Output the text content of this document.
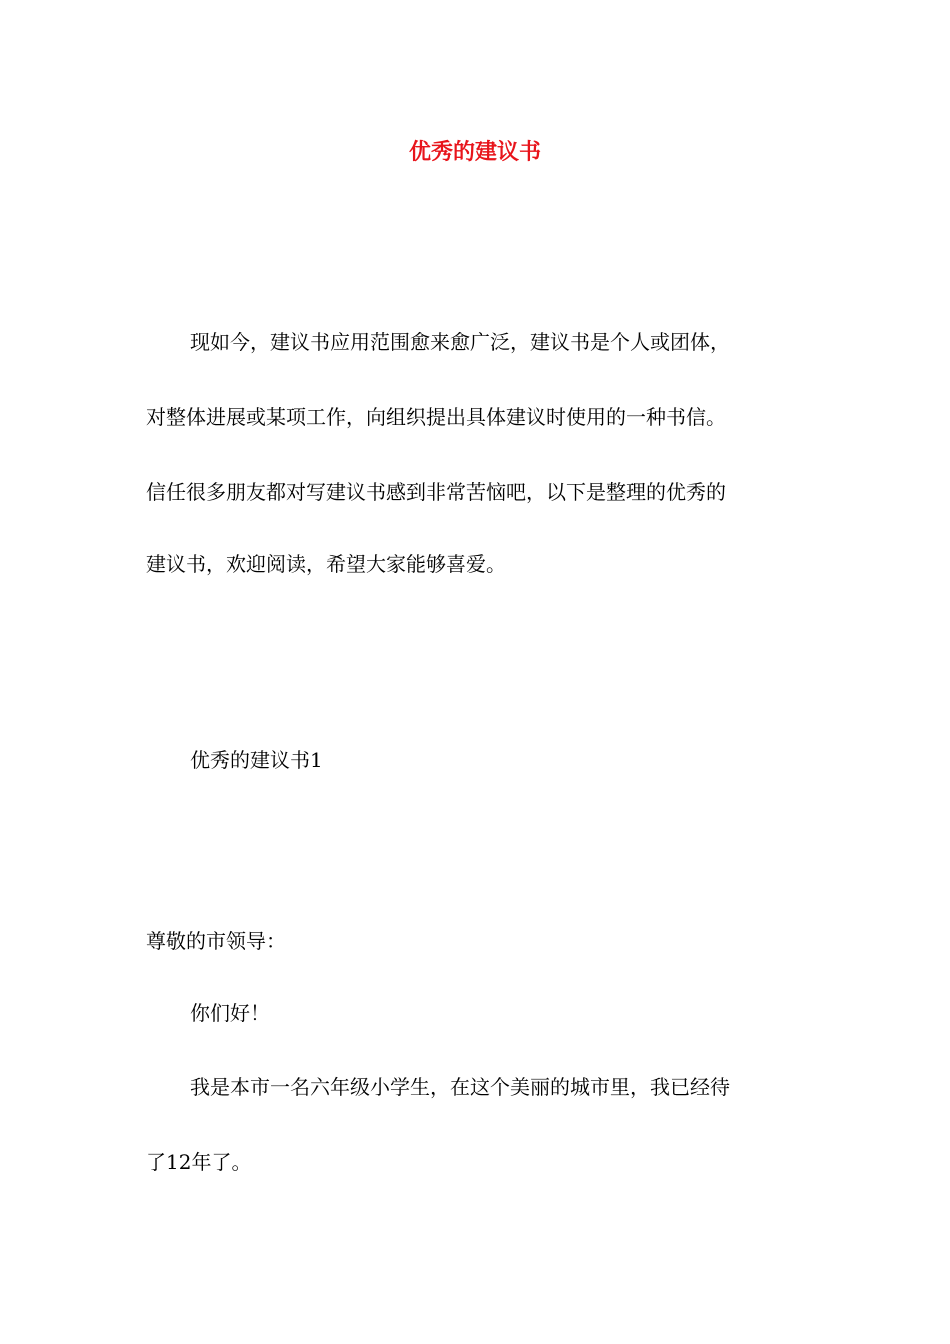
优秀的建议书

现如今，建议书应用范围愈来愈广泛，建议书是个人或团体，

对整体进展或某项工作，向组织提出具体建议时使用的一种书信。

信任很多朋友都对写建议书感到非常苦恼吧，以下是整理的优秀的

建议书，欢迎阅读，希望大家能够喜爱。

优秀的建议书1

尊敬的市领导：

你们好！

我是本市一名六年级小学生，在这个美丽的城市里，我已经待

了12年了。
